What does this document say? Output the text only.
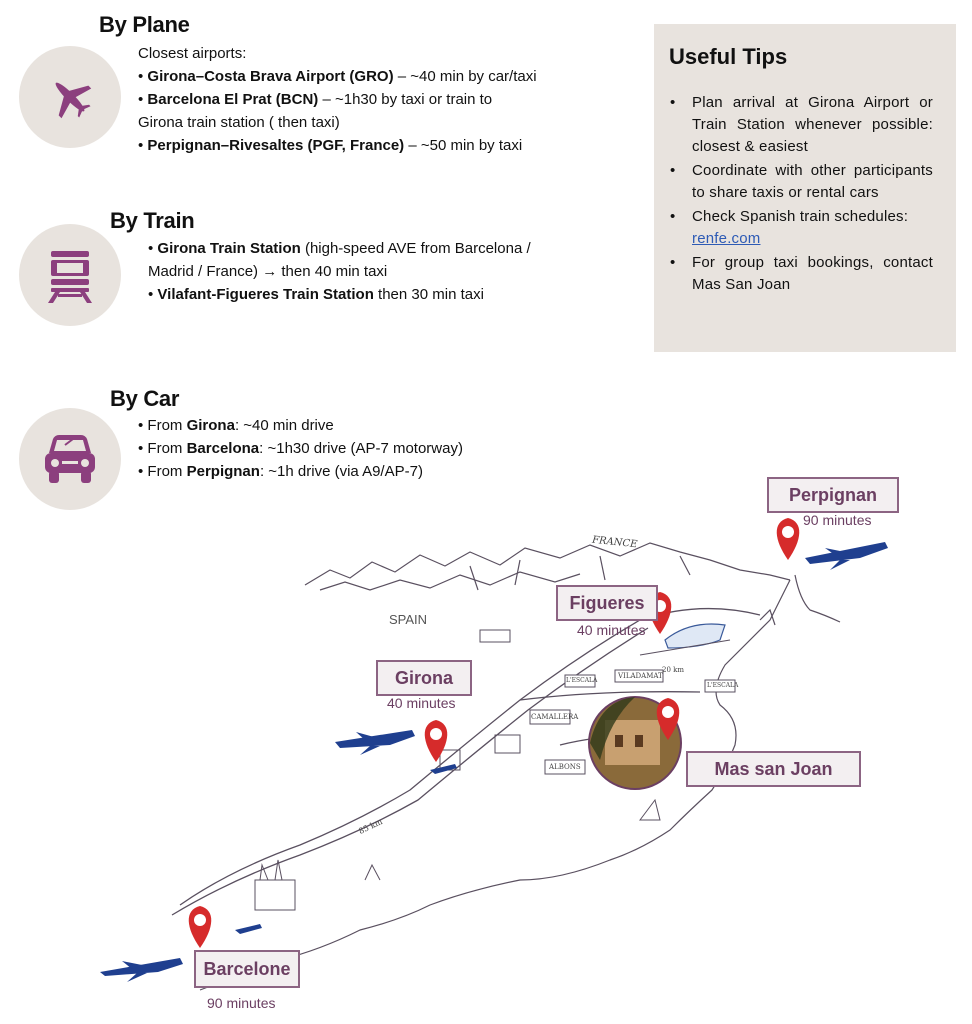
By Plane
Closest airports:
• Girona–Costa Brava Airport (GRO) – ~40 min by car/taxi
• Barcelona El Prat (BCN) – ~1h30 by taxi or train to
Girona train station ( then taxi)
• Perpignan–Rivesaltes (PGF, France) – ~50 min by taxi
By Train
• Girona Train Station (high-speed AVE from Barcelona /
Madrid / France) → then 40 min taxi
• Vilafant-Figueres Train Station then 30 min taxi
By Car
• From Girona: ~40 min drive
• From Barcelona: ~1h30 drive (AP-7 motorway)
• From Perpignan: ~1h drive (via A9/AP-7)
Useful Tips
• Plan arrival at Girona Airport or Train Station whenever possible: closest & easiest
• Coordinate with other participants to share taxis or rental cars
• Check Spanish train schedules:
renfe.com
• For group taxi bookings, contact Mas San Joan
FRANCE
SPAIN
L'ESCALA
CAMALLERA
ALBONS
VILADAMAT
L'ESCALA
20 km
85 km
Perpignan
90 minutes
Figueres
40 minutes
Girona
40 minutes
Mas san Joan
Barcelone
90 minutes
